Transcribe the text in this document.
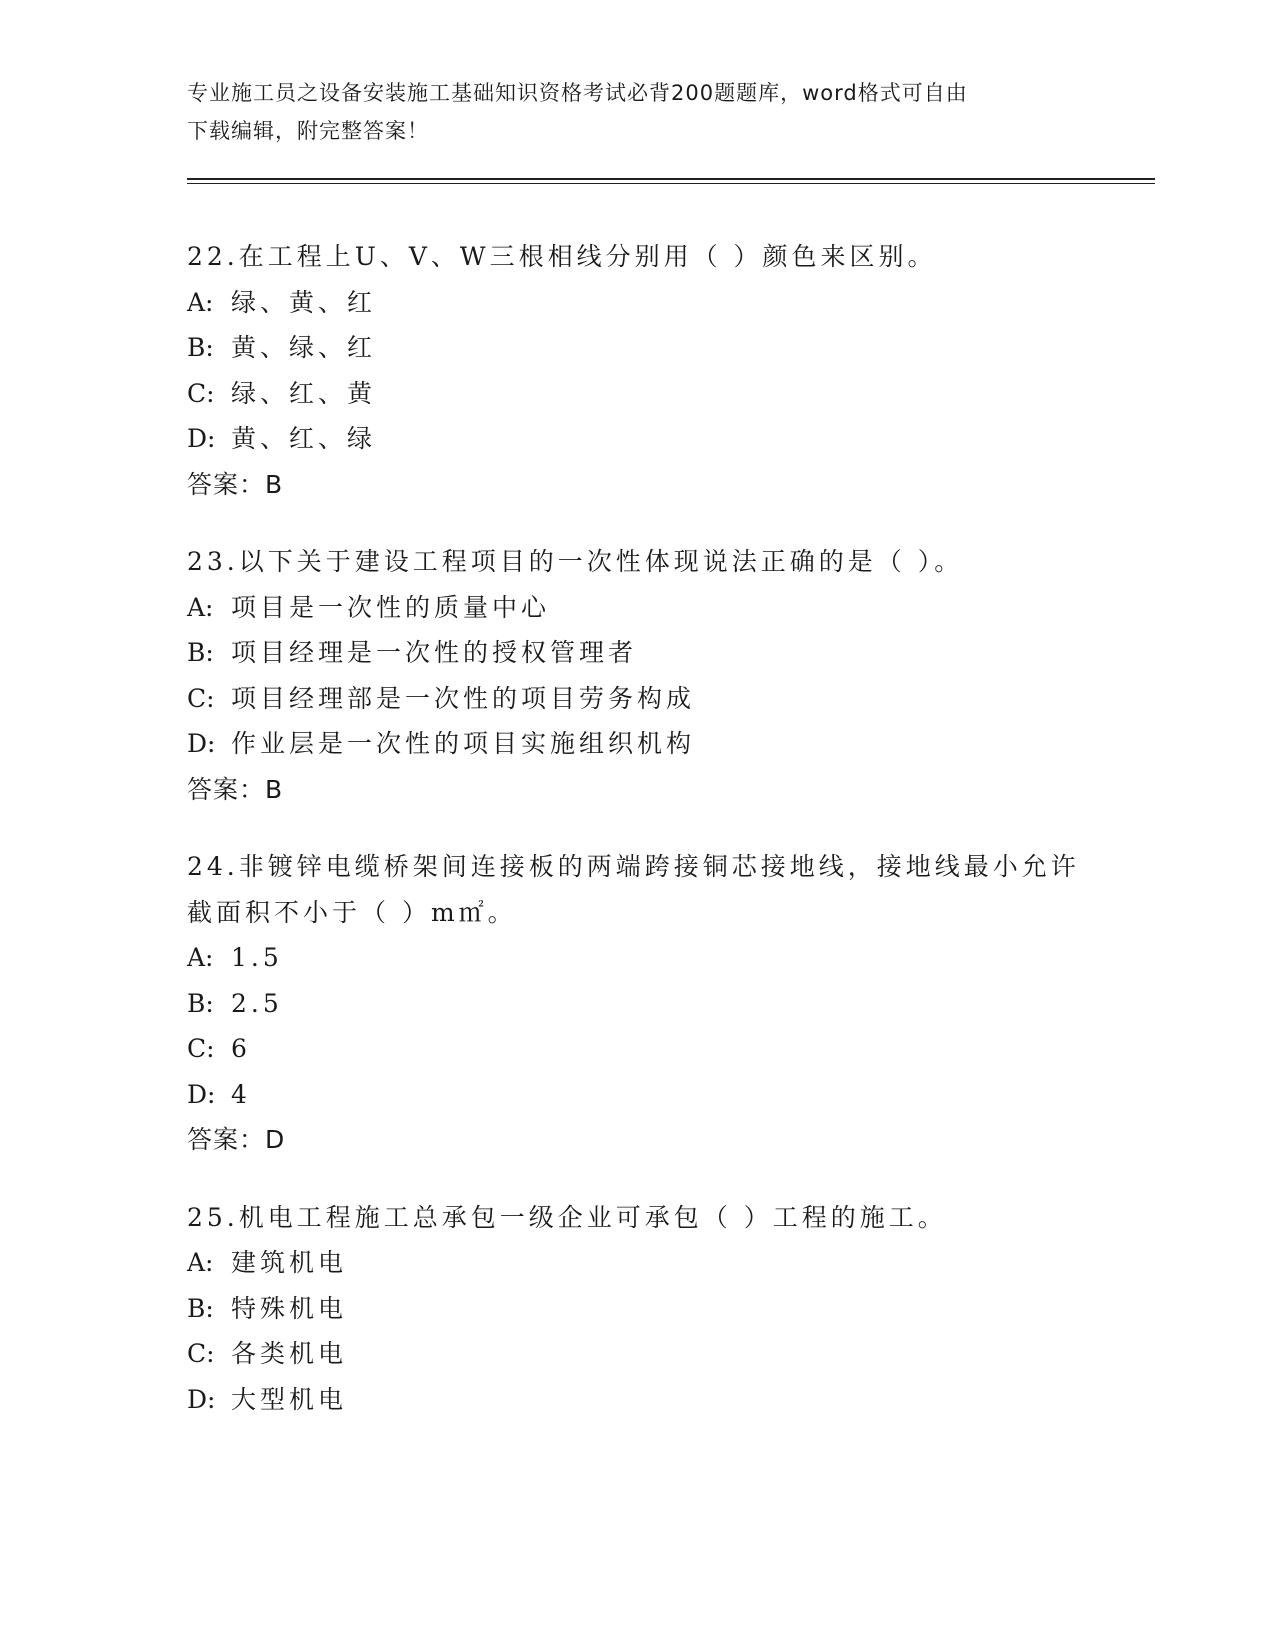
专业施工员之设备安装施工基础知识资格考试必背200题题库，word格式可自由
下载编辑，附完整答案！
22.在工程上U、V、W三根相线分别用（ ）颜色来区别。
A: 绿、黄、红
B: 黄、绿、红
C: 绿、红、黄
D: 黄、红、绿
答案：B
23.以下关于建设工程项目的一次性体现说法正确的是（ ）。
A: 项目是一次性的质量中心
B: 项目经理是一次性的授权管理者
C: 项目经理部是一次性的项目劳务构成
D: 作业层是一次性的项目实施组织机构
答案：B
24.非镀锌电缆桥架间连接板的两端跨接铜芯接地线，接地线最小允许
截面积不小于（ ）m㎡。
A: 1.5
B: 2.5
C: 6
D: 4
答案：D
25.机电工程施工总承包一级企业可承包（ ）工程的施工。
A: 建筑机电
B: 特殊机电
C: 各类机电
D: 大型机电
